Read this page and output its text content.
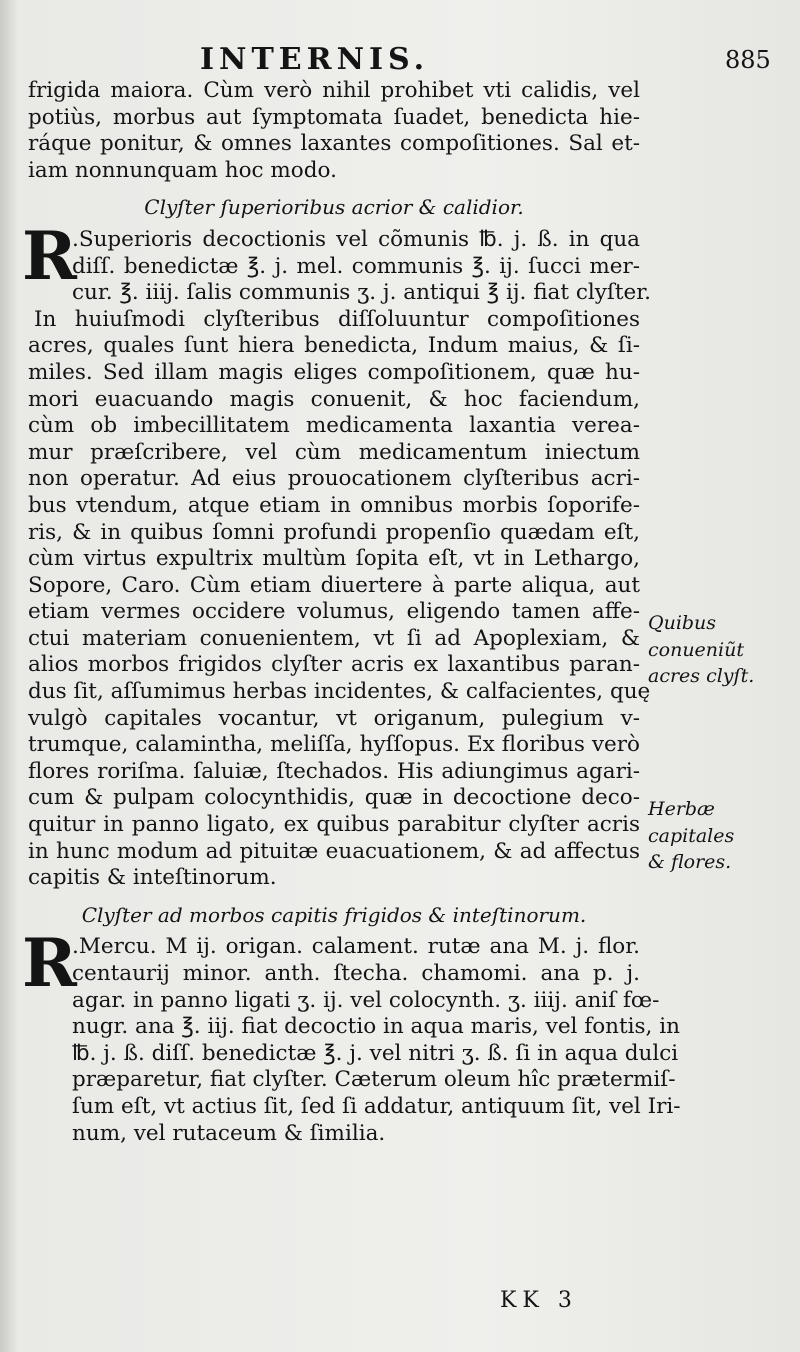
INTERNIS.	885
frigida maiora. Cùm verò nihil prohibet vti calidis, vel
potiùs, morbus aut ſymptomata ſuadet, benedicta hie-
ráque ponitur, & omnes laxantes compoſitiones. Sal et-
iam nonnunquam hoc modo.
Clyſter ſuperioribus acrior & calidior.
R
.Superioris decoctionis vel cõmunis ℔. j. ß. in qua
diſſ. benedictæ ℥. j. mel. communis ℥. ij. ſucci mer-
cur. ℥. iiij. ſalis communis ʒ. j. antiqui ℥ ij. fiat clyſter.
In huiuſmodi clyſteribus diſſoluuntur compoſitiones
acres, quales ſunt hiera benedicta, Indum maius, & ſi-
miles. Sed illam magis eliges compoſitionem, quæ hu-
mori euacuando magis conuenit, & hoc faciendum,
cùm ob imbecillitatem medicamenta laxantia verea-
mur præſcribere, vel cùm medicamentum iniectum
non operatur. Ad eius prouocationem clyſteribus acri-
bus vtendum, atque etiam in omnibus morbis ſoporife-
ris, & in quibus ſomni profundi propenſio quædam eſt,
cùm virtus expultrix multùm ſopita eſt, vt in Lethargo,
Sopore, Caro. Cùm etiam diuertere à parte aliqua, aut
etiam vermes occidere volumus, eligendo tamen affe-
ctui materiam conuenientem, vt ſi ad Apoplexiam, &
alios morbos frigidos clyſter acris ex laxantibus paran-
dus ſit, aſſumimus herbas incidentes, & calfacientes, quę
vulgò capitales vocantur, vt origanum, pulegium v-
trumque, calamintha, meliſſa, hyſſopus. Ex floribus verò
flores roriſma. ſaluiæ, ſtechados. His adiungimus agari-
cum & pulpam colocynthidis, quæ in decoctione deco-
quitur in panno ligato, ex quibus parabitur clyſter acris
in hunc modum ad pituitæ euacuationem, & ad affectus
capitis & inteſtinorum.
Clyſter ad morbos capitis frigidos & inteſtinorum.
R
.Mercu. M ij. origan. calament. rutæ ana M. j. flor.
centaurij minor. anth. ſtecha. chamomi. ana p. j.
agar. in panno ligati ʒ. ij. vel colocynth. ʒ. iiij. aniſ fœ-
nugr. ana ℥. iij. fiat decoctio in aqua maris, vel fontis, in
℔. j. ß. diſſ. benedictæ ℥. j. vel nitri ʒ. ß. ſi in aqua dulci
præparetur, fiat clyſter. Cæterum oleum hîc prætermiſ-
ſum eſt, vt actius ſit, ſed ſi addatur, antiquum ſit, vel Iri-
num, vel rutaceum & ſimilia.
Quibus
conueniũt
acres clyſt.
Herbæ
capitales
& flores.
KK 3
